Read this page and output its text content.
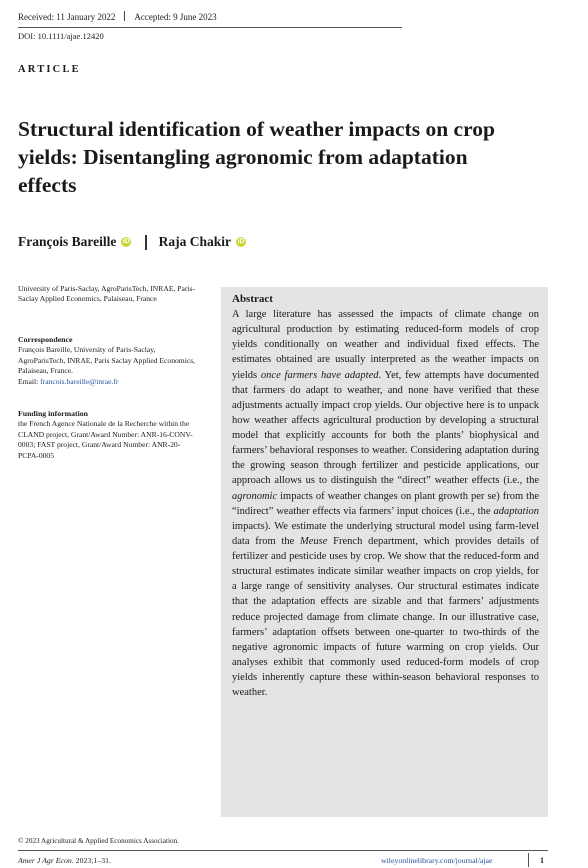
Received: 11 January 2022 Accepted: 9 June 2023
DOI: 10.1111/ajae.12420
ARTICLE
Structural identification of weather impacts on crop yields: Disentangling agronomic from adaptation effects
François Bareille iD Raja Chakir iD
University of Paris-Saclay, AgroParisTech, INRAE, Paris-Saclay Applied Economics, Palaiseau, France
Correspondence
François Bareille, University of Paris-Saclay, AgroParisTech, INRAE, Paris Saclay Applied Economics, Palaiseau, France.
Email: francois.bareille@inrae.fr
Funding information
the French Agence Nationale de la Recherche within the CLAND project, Grant/Award Number: ANR-16-CONV-0003; FAST project, Grant/Award Number: ANR-20-PCPA-0005
Abstract
A large literature has assessed the impacts of climate change on agricultural production by estimating reduced-form models of crop yields conditionally on weather and individual fixed effects. The estimates obtained are usually interpreted as the weather impacts on yields once farmers have adapted. Yet, few attempts have documented that farmers do adapt to weather, and none have verified that these adjustments actually impact crop yields. Our objective here is to unpack how weather affects agricultural production by developing a structural model that explicitly accounts for both the plants’ biophysical and farmers’ behavioral responses to weather. Considering adaptation during the growing season through fertilizer and pesticide applications, our approach allows us to distinguish the “direct” weather effects (i.e., the agronomic impacts of weather changes on plant growth per se) from the “indirect” weather effects via farmers’ input choices (i.e., the adaptation impacts). We estimate the underlying structural model using farm-level data from the Meuse French department, which provides details of fertilizer and pesticide uses by crop. We show that the reduced-form and structural estimates indicate similar weather impacts on crop yields, for a large range of sensitivity analyses. Our structural estimates indicate that the adaptation effects are sizable and that farmers’ adjustments reduce projected damage from climate change. In our illustrative case, farmers’ adaptation offsets between one-quarter to two-thirds of the negative agronomic impacts of future warming on crop yields. Our analyses exhibit that commonly used reduced-form models of crop yields inherently capture these within-season behavioral responses to weather.
© 2023 Agricultural & Applied Economics Association.
Amer J Agr Econ. 2023;1–31.	wileyonlinelibrary.com/journal/ajae	1
